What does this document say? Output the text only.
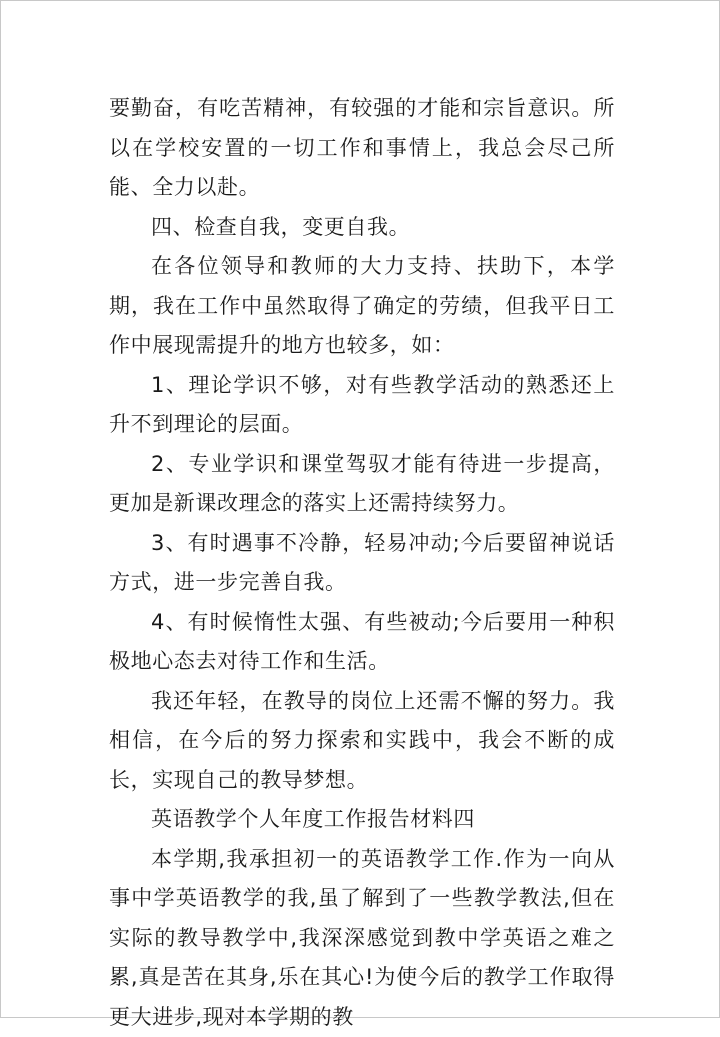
要勤奋，有吃苦精神，有较强的才能和宗旨意识。所以在学校安置的一切工作和事情上，我总会尽己所能、全力以赴。

四、检查自我，变更自我。

在各位领导和教师的大力支持、扶助下，本学期，我在工作中虽然取得了确定的劳绩，但我平日工作中展现需提升的地方也较多，如：

1、理论学识不够，对有些教学活动的熟悉还上升不到理论的层面。

2、专业学识和课堂驾驭才能有待进一步提高，更加是新课改理念的落实上还需持续努力。

3、有时遇事不冷静，轻易冲动;今后要留神说话方式，进一步完善自我。

4、有时候惰性太强、有些被动;今后要用一种积极地心态去对待工作和生活。

我还年轻，在教导的岗位上还需不懈的努力。我相信，在今后的努力探索和实践中，我会不断的成长，实现自己的教导梦想。

英语教学个人年度工作报告材料四

本学期,我承担初一的英语教学工作.作为一向从事中学英语教学的我,虽了解到了一些教学教法,但在实际的教导教学中,我深深感觉到教中学英语之难之累,真是苦在其身,乐在其心!为使今后的教学工作取得更大进步,现对本学期的教
